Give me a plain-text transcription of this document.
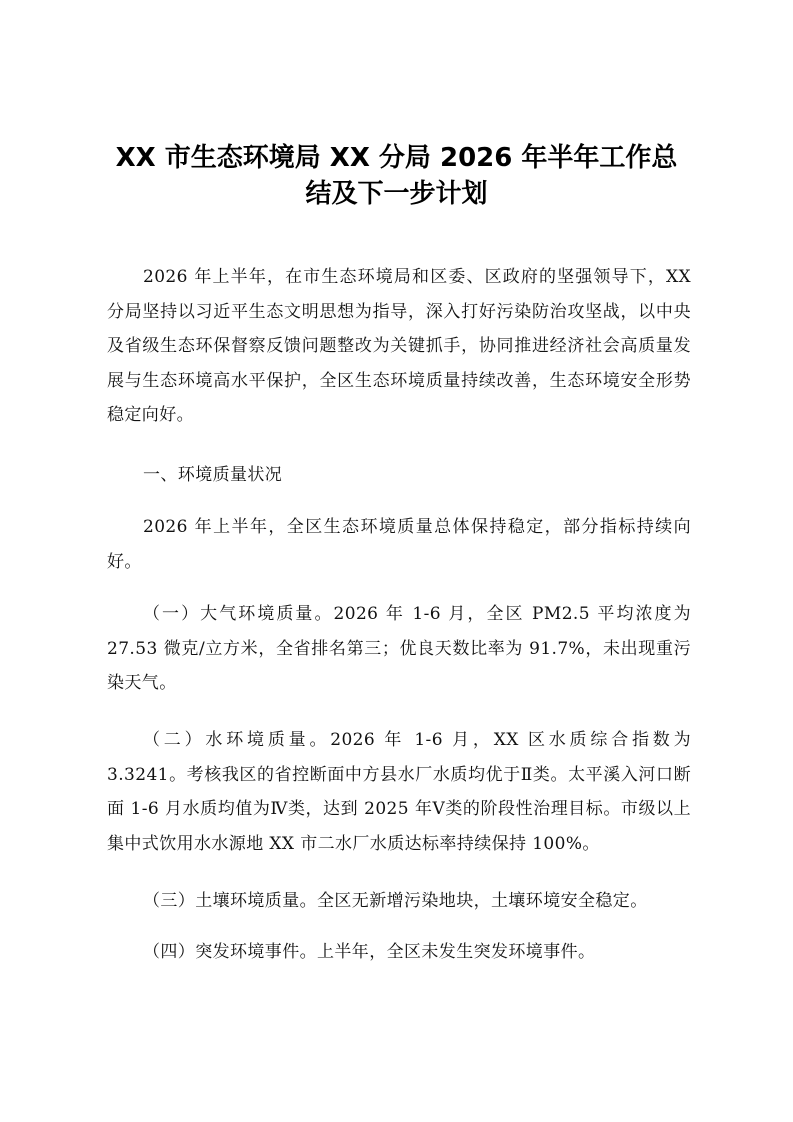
XX 市生态环境局 XX 分局 2026 年半年工作总
结及下一步计划

2026 年上半年，在市生态环境局和区委、区政府的坚强领导下，XX 分局坚持以习近平生态文明思想为指导，深入打好污染防治攻坚战，以中央及省级生态环保督察反馈问题整改为关键抓手，协同推进经济社会高质量发展与生态环境高水平保护，全区生态环境质量持续改善，生态环境安全形势稳定向好。

一、环境质量状况

2026 年上半年，全区生态环境质量总体保持稳定，部分指标持续向好。

（一）大气环境质量。2026 年 1-6 月，全区 PM2.5 平均浓度为 27.53 微克/立方米，全省排名第三；优良天数比率为 91.7%，未出现重污染天气。

（二）水环境质量。2026 年 1-6 月，XX 区水质综合指数为 3.3241。考核我区的省控断面中方县水厂水质均优于Ⅱ类。太平溪入河口断面 1-6 月水质均值为Ⅳ类，达到 2025 年Ⅴ类的阶段性治理目标。市级以上集中式饮用水水源地 XX 市二水厂水质达标率持续保持 100%。

（三）土壤环境质量。全区无新增污染地块，土壤环境安全稳定。

（四）突发环境事件。上半年，全区未发生突发环境事件。
